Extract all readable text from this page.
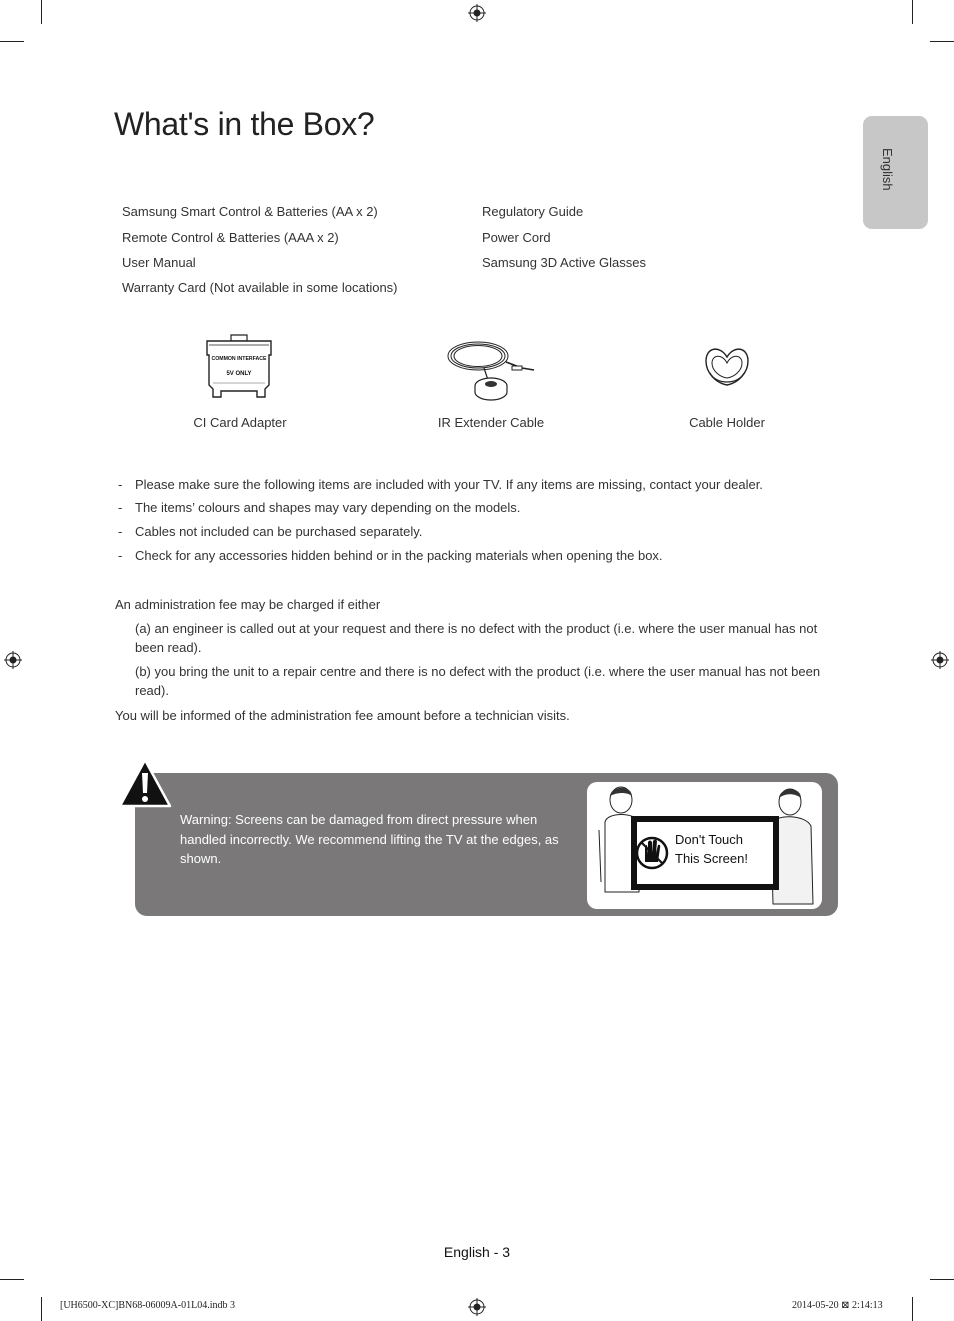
What's in the Box?
English
Samsung Smart Control & Batteries (AA x 2)
Remote Control & Batteries (AAA x 2)
User Manual
Warranty Card (Not available in some locations)
Regulatory Guide
Power Cord
Samsung 3D Active Glasses
COMMON INTERFACE
5V ONLY
CI Card Adapter	IR Extender Cable	Cable Holder
- Please make sure the following items are included with your TV. If any items are missing, contact your dealer.
- The items’ colours and shapes may vary depending on the models.
- Cables not included can be purchased separately.
- Check for any accessories hidden behind or in the packing materials when opening the box.
An administration fee may be charged if either
(a) an engineer is called out at your request and there is no defect with the product (i.e. where the user manual has not been read).
(b) you bring the unit to a repair centre and there is no defect with the product (i.e. where the user manual has not been read).
You will be informed of the administration fee amount before a technician visits.
Warning: Screens can be damaged from direct pressure when handled incorrectly. We recommend lifting the TV at the edges, as shown.
Don't Touch
This Screen!
English - 3
[UH6500-XC]BN68-06009A-01L04.indb 3	2014-05-20 ⊠ 2:14:13
